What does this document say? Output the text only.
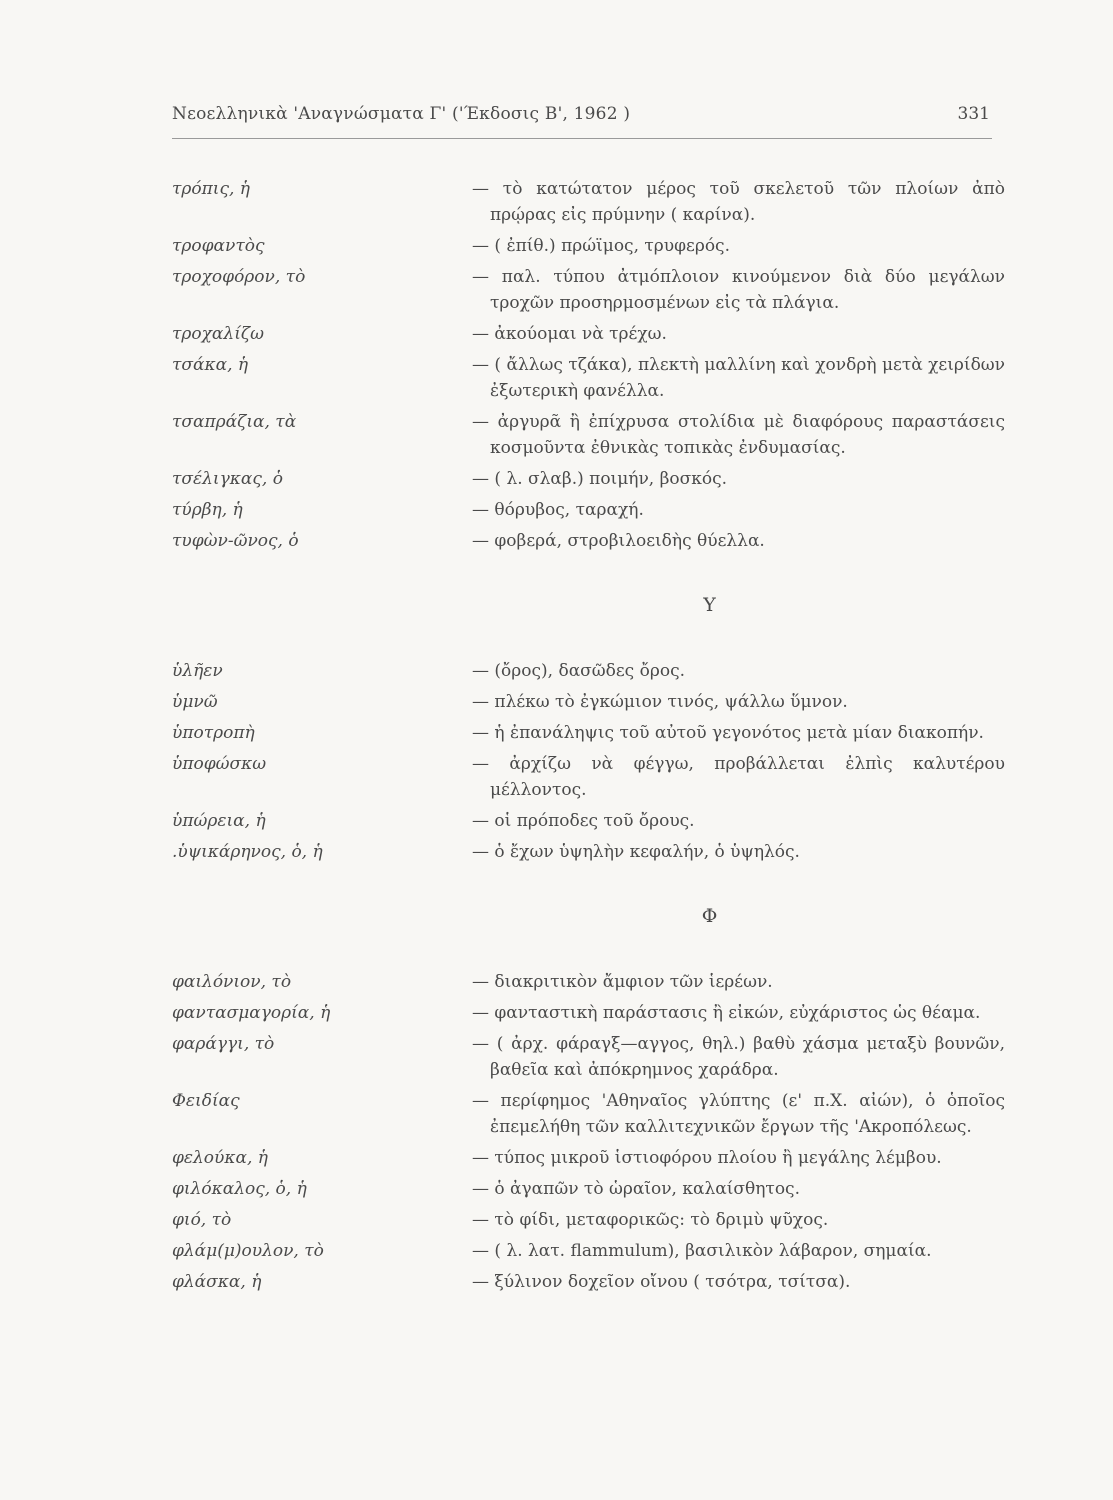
Νεοελληνικὰ 'Αναγνώσματα Γ' ('Έκδοσις Β', 1962 )	331
τρόπις, ἡ	— τὸ κατώτατον μέρος τοῦ σκελετοῦ τῶν πλοίων ἀπὸ πρῴρας εἰς πρύμνην ( καρίνα).
τροφαντὸς	— ( ἐπίθ.) πρώϊμος, τρυφερός.
τροχοφόρον, τὸ	— παλ. τύπου ἀτμόπλοιον κινούμενον διὰ δύο μεγάλων τροχῶν προσηρμοσμένων εἰς τὰ πλάγια.
τροχαλίζω	— ἀκούομαι νὰ τρέχω.
τσάκα, ἡ	— ( ἄλλως τζάκα), πλεκτὴ μαλλίνη καὶ χονδρὴ μετὰ χειρίδων ἐξωτερικὴ φανέλλα.
τσαπράζια, τὰ	— ἀργυρᾶ ἢ ἐπίχρυσα στολίδια μὲ διαφόρους παραστάσεις κοσμοῦντα ἐθνικὰς τοπικὰς ἐνδυμασίας.
τσέλιγκας, ὁ	— ( λ. σλαβ.) ποιμήν, βοσκός.
τύρβη, ἡ	— θόρυβος, ταραχή.
τυφὼν-ῶνος, ὁ	— φοβερά, στροβιλοειδὴς θύελλα.
Υ
ὑλῆεν	— (ὄρος), δασῶδες ὄρος.
ὑμνῶ	— πλέκω τὸ ἐγκώμιον τινός, ψάλλω ὕμνον.
ὑποτροπὴ	— ἡ ἐπανάληψις τοῦ αὐτοῦ γεγονότος μετὰ μίαν διακοπήν.
ὑποφώσκω	— ἀρχίζω νὰ φέγγω, προβάλλεται ἐλπὶς καλυτέρου μέλλοντος.
ὑπώρεια, ἡ	— οἱ πρόποδες τοῦ ὄρους.
.ὑψικάρηνος, ὁ, ἡ	— ὁ ἔχων ὑψηλὴν κεφαλήν, ὁ ὑψηλός.
Φ
φαιλόνιον, τὸ	— διακριτικὸν ἄμφιον τῶν ἱερέων.
φαντασμαγορία, ἡ	— φανταστικὴ παράστασις ἢ εἰκών, εὐχάριστος ὡς θέαμα.
φαράγγι, τὸ	— ( ἀρχ. φάραγξ—αγγος, θηλ.) βαθὺ χάσμα μεταξὺ βουνῶν, βαθεῖα καὶ ἀπόκρημνος χαράδρα.
Φειδίας	— περίφημος 'Αθηναῖος γλύπτης (ε' π.Χ. αἰών), ὁ ὁποῖος ἐπεμελήθη τῶν καλλιτεχνικῶν ἔργων τῆς 'Ακροπόλεως.
φελούκα, ἡ	— τύπος μικροῦ ἱστιοφόρου πλοίου ἢ μεγάλης λέμβου.
φιλόκαλος, ὁ, ἡ	— ὁ ἀγαπῶν τὸ ὡραῖον, καλαίσθητος.
φιό, τὸ	— τὸ φίδι, μεταφορικῶς: τὸ δριμὺ ψῦχος.
φλάμ(μ)ουλον, τὸ	— ( λ. λατ. flammulum), βασιλικὸν λάβαρον, σημαία.
φλάσκα, ἡ	— ξύλινον δοχεῖον οἴνου ( τσότρα, τσίτσα).
